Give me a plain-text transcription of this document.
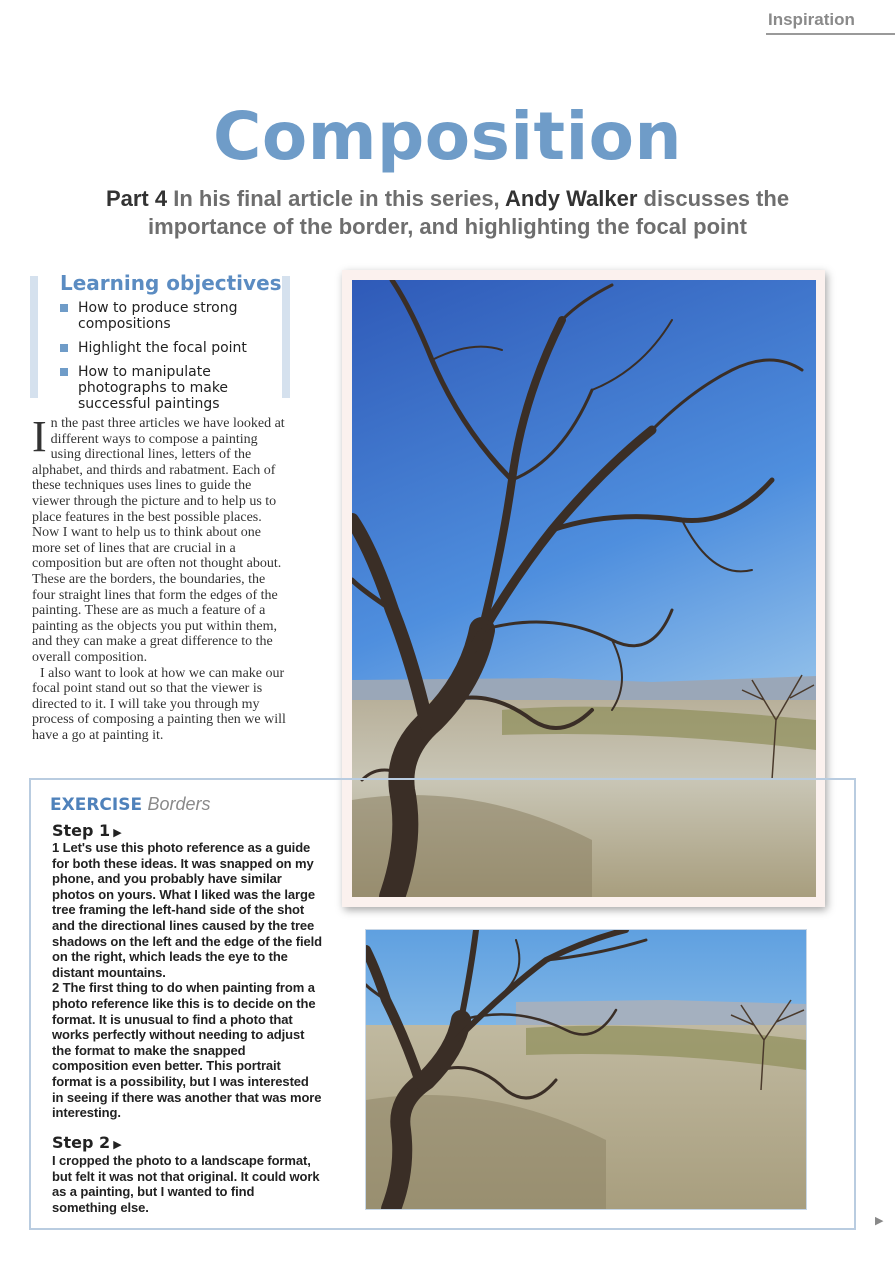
Inspiration
Composition
Part 4 In his final article in this series, Andy Walker discusses the importance of the border, and highlighting the focal point
Learning objectives
How to produce strong compositions
Highlight the focal point
How to manipulate photographs to make successful paintings

In the past three articles we have looked at different ways to compose a painting using directional lines, letters of the alphabet, and thirds and rabatment. Each of these techniques uses lines to guide the viewer through the picture and to help us to place features in the best possible places. Now I want to help us to think about one more set of lines that are crucial in a composition but are often not thought about. These are the borders, the boundaries, the four straight lines that form the edges of the painting. These are as much a feature of a painting as the objects you put within them, and they can make a great difference to the overall composition.

I also want to look at how we can make our focal point stand out so that the viewer is directed to it. I will take you through my process of composing a painting then we will have a go at painting it.

EXERCISE Borders
Step 1 ▶

1 Let's use this photo reference as a guide for both these ideas. It was snapped on my phone, and you probably have similar photos on yours. What I liked was the large tree framing the left-hand side of the shot and the directional lines caused by the tree shadows on the left and the edge of the field on the right, which leads the eye to the distant mountains.
2 The first thing to do when painting from a photo reference like this is to decide on the format. It is unusual to find a photo that works perfectly without needing to adjust the format to make the snapped composition even better. This portrait format is a possibility, but I was interested in seeing if there was another that was more interesting.

Step 2 ▶

I cropped the photo to a landscape format, but felt it was not that original. It could work as a painting, but I wanted to find something else.

▶
